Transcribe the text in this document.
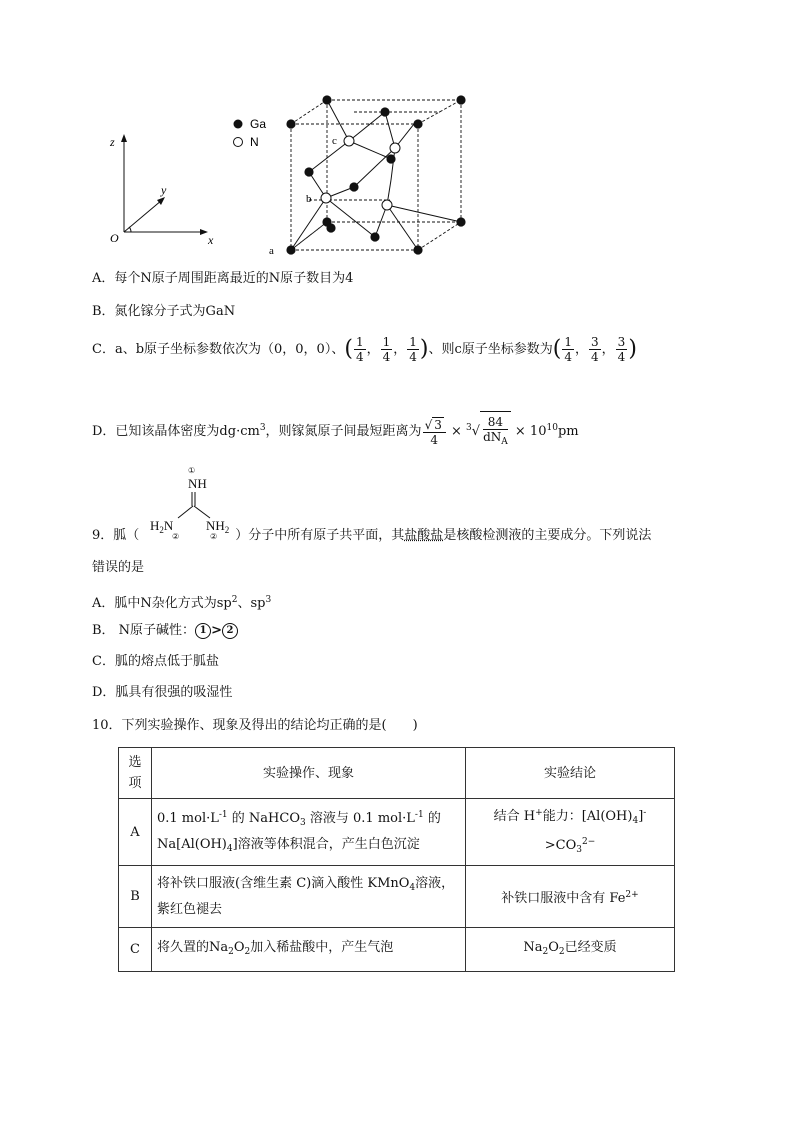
z
y
x
O
Ga
N	c
b
a
A．每个N原子周围距离最近的N原子数目为4
B．氮化镓分子式为GaN
C．a、b原子坐标参数依次为（0，0，0）、( $\frac{1}{4}$ ， $\frac{1}{4}$ ， $\frac{1}{4}$ )、则c原子坐标参数为( $\frac{1}{4}$ ， $\frac{3}{4}$ ， $\frac{3}{4}$ )
D．已知该晶体密度为$dg\cdot cm^3$，则镓氮原子间最短距离为 $\frac{√ 3}{4} \times ^3√ \frac{84}{dN_A} \times 10^{10}pm$
①
NH
$H_2N$	$NH_2$
②	②
9．胍（	）分子中所有原子共平面，其盐酸盐是核酸检测液的主要成分。下列说法
错误的是
A．胍中N杂化方式为$sp^2$、$sp^3$
B． N原子碱性： 1 > 2
C．胍的熔点低于胍盐
D．胍具有很强的吸湿性
10．下列实验操作、现象及得出的结论均正确的是(　　)
选项	实验操作、现象	实验结论
A	0.1 $mol\cdot L^{-1}$ 的 NaHCO$_3$ 溶液与 0.1 $mol\cdot L^{-1}$ 的
$Na[Al(OH)_4]$溶液等体积混合，产生白色沉淀	结合 H+能力：$[Al(OH)_4]^->CO_3^{2-}$
B	将补铁口服液(含维生素 C)滴入酸性 KMnO$_4$溶液，
紫红色褪去	补铁口服液中含有 $Fe^{2+}$
C	将久置的$Na_2O_2$加入稀盐酸中，产生气泡	$Na_2O_2$已经变质
